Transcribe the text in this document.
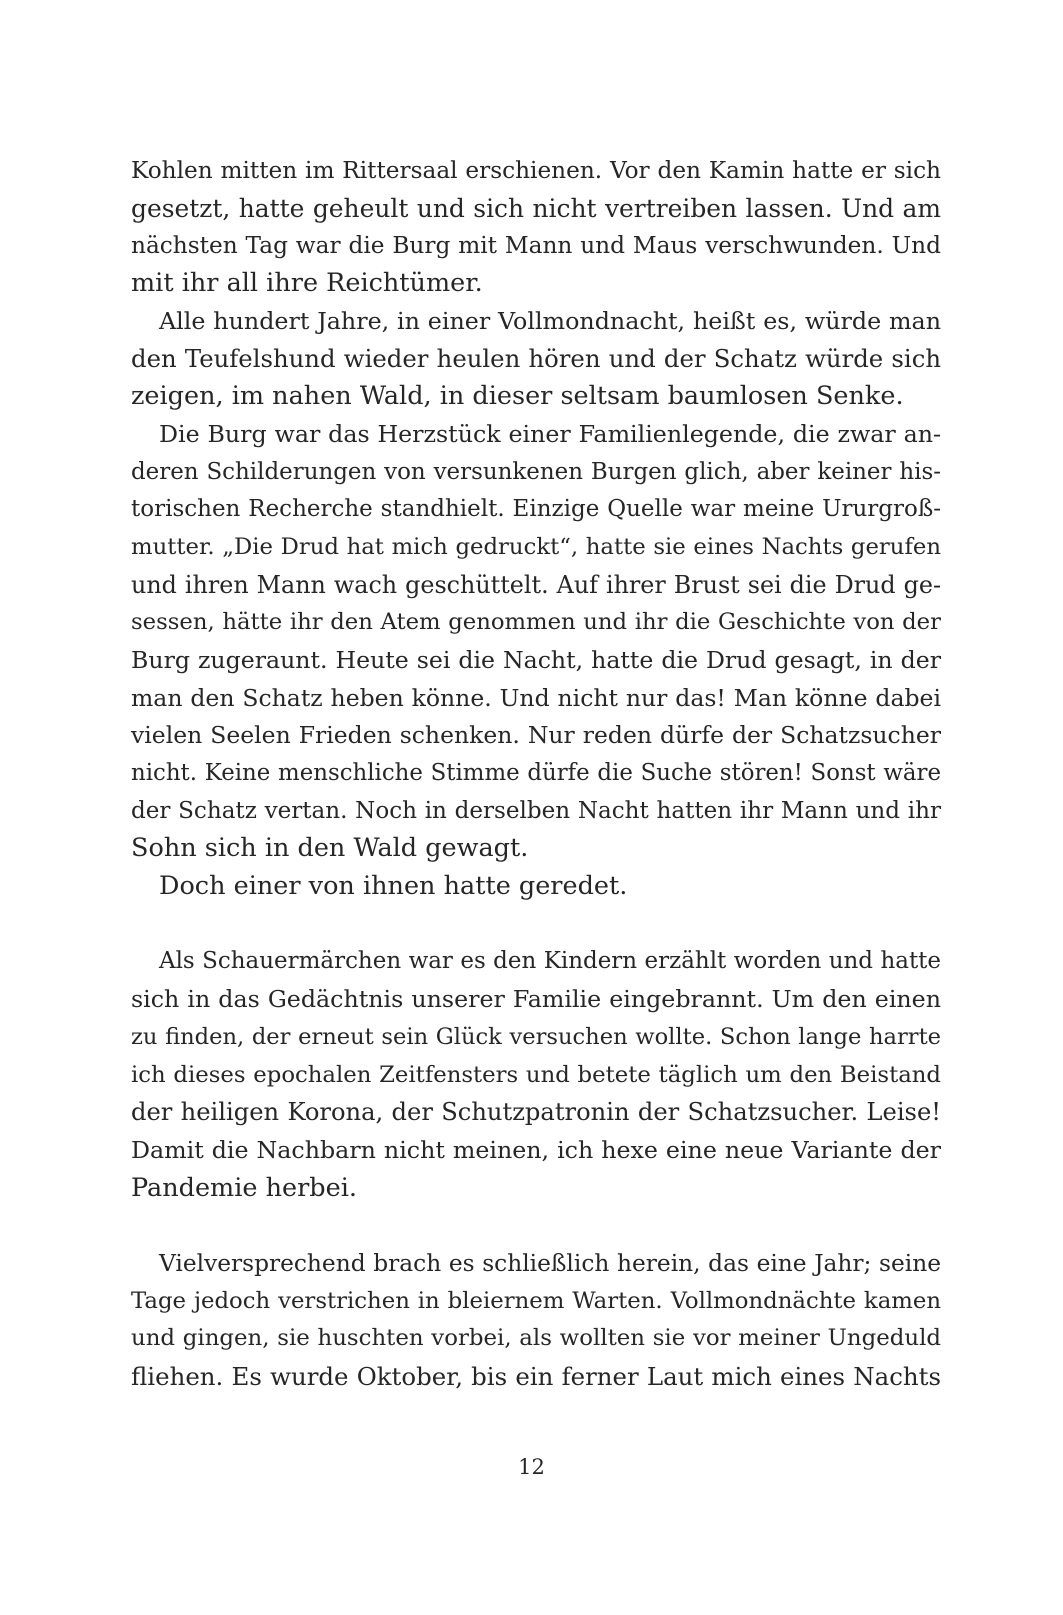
Kohlen mitten im Rittersaal erschienen. Vor den Kamin hatte er sich
gesetzt, hatte geheult und sich nicht vertreiben lassen. Und am
nächsten Tag war die Burg mit Mann und Maus verschwunden. Und
mit ihr all ihre Reichtümer.
Alle hundert Jahre, in einer Vollmondnacht, heißt es, würde man
den Teufelshund wieder heulen hören und der Schatz würde sich
zeigen, im nahen Wald, in dieser seltsam baumlosen Senke.
Die Burg war das Herzstück einer Familienlegende, die zwar an-
deren Schilderungen von versunkenen Burgen glich, aber keiner his-
torischen Recherche standhielt. Einzige Quelle war meine Ururgroß-
mutter. „Die Drud hat mich gedruckt“, hatte sie eines Nachts gerufen
und ihren Mann wach geschüttelt. Auf ihrer Brust sei die Drud ge-
sessen, hätte ihr den Atem genommen und ihr die Geschichte von der
Burg zugeraunt. Heute sei die Nacht, hatte die Drud gesagt, in der
man den Schatz heben könne. Und nicht nur das! Man könne dabei
vielen Seelen Frieden schenken. Nur reden dürfe der Schatzsucher
nicht. Keine menschliche Stimme dürfe die Suche stören! Sonst wäre
der Schatz vertan. Noch in derselben Nacht hatten ihr Mann und ihr
Sohn sich in den Wald gewagt.
Doch einer von ihnen hatte geredet.
Als Schauermärchen war es den Kindern erzählt worden und hatte
sich in das Gedächtnis unserer Familie eingebrannt. Um den einen
zu finden, der erneut sein Glück versuchen wollte. Schon lange harrte
ich dieses epochalen Zeitfensters und betete täglich um den Beistand
der heiligen Korona, der Schutzpatronin der Schatzsucher. Leise!
Damit die Nachbarn nicht meinen, ich hexe eine neue Variante der
Pandemie herbei.
Vielversprechend brach es schließlich herein, das eine Jahr; seine
Tage jedoch verstrichen in bleiernem Warten. Vollmondnächte kamen
und gingen, sie huschten vorbei, als wollten sie vor meiner Ungeduld
fliehen. Es wurde Oktober, bis ein ferner Laut mich eines Nachts
12
